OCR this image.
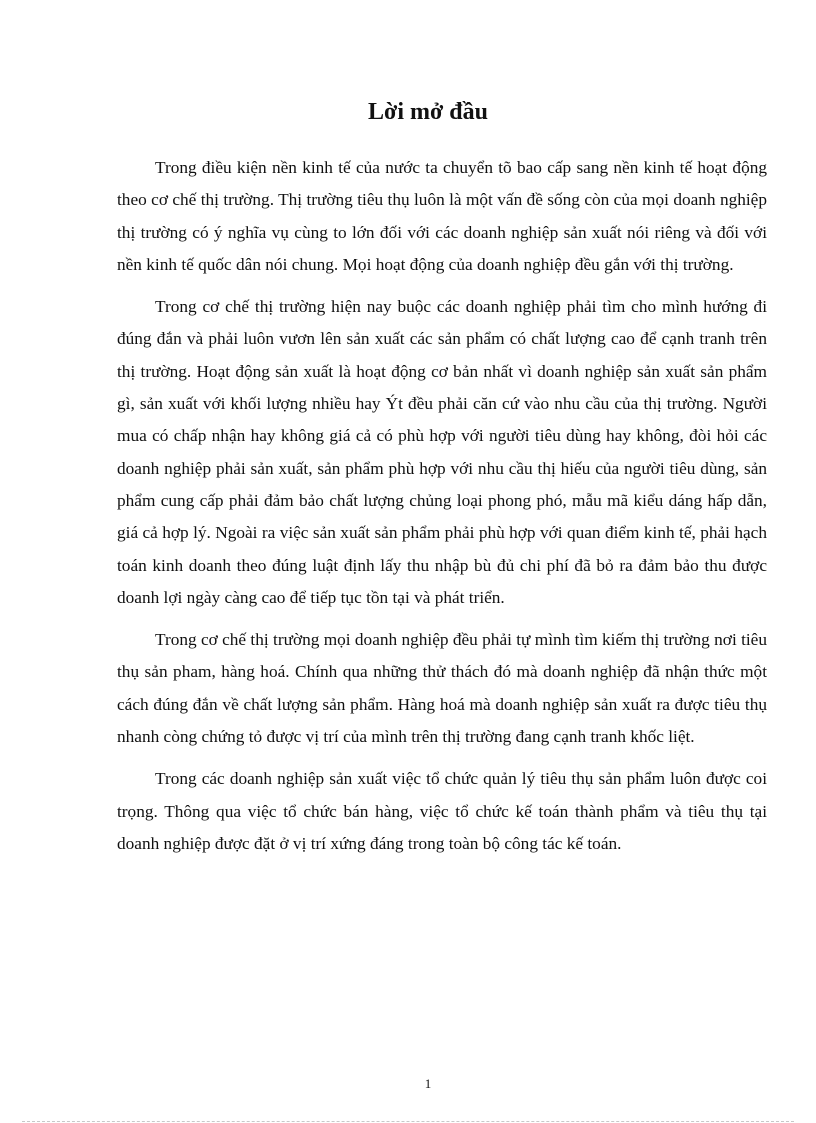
Lời mở đầu

Trong điều kiện nền kinh tế của nước ta chuyển tõ bao cấp sang nền kinh tế hoạt động theo cơ chế thị trường. Thị trường tiêu thụ luôn là một vấn đề sống còn của mọi doanh nghiệp thị trường có ý nghĩa vụ cùng to lớn đối với các doanh nghiệp sản xuất nói riêng và đối với nền kinh tế quốc dân nói chung. Mọi hoạt động của doanh nghiệp đều gắn với thị trường.

Trong cơ chế thị trường hiện nay buộc các doanh nghiệp phải tìm cho mình hướng đi đúng đắn và phải luôn vươn lên sản xuất các sản phẩm có chất lượng cao để cạnh tranh trên thị trường. Hoạt động sản xuất là hoạt động cơ bản nhất vì doanh nghiệp sản xuất sản phẩm gì, sản xuất với khối lượng nhiều hay Ýt đều phải căn cứ vào nhu cầu của thị trường. Người mua có chấp nhận hay không giá cả có phù hợp với người tiêu dùng hay không, đòi hỏi các doanh nghiệp phải sản xuất, sản phẩm phù hợp với nhu cầu thị hiếu của người tiêu dùng, sản phẩm cung cấp phải đảm bảo chất lượng chủng loại phong phó, mẫu mã kiểu dáng hấp dẫn, giá cả hợp lý. Ngoài ra việc sản xuất sản phẩm phải phù hợp với quan điểm kinh tế, phải hạch toán kinh doanh theo đúng luật định lấy thu nhập bù đủ chi phí đã bỏ ra đảm bảo thu được doanh lợi ngày càng cao để tiếp tục tồn tại và phát triển.

Trong cơ chế thị trường mọi doanh nghiệp đều phải tự mình tìm kiếm thị trường nơi tiêu thụ sản pham, hàng hoá. Chính qua những thử thách đó mà doanh nghiệp đã nhận thức một cách đúng đắn về chất lượng sản phẩm. Hàng hoá mà doanh nghiệp sản xuất ra được tiêu thụ nhanh còng chứng tỏ được vị trí của mình trên thị trường đang cạnh tranh khốc liệt.

Trong các doanh nghiệp sản xuất việc tổ chức quản lý tiêu thụ sản phẩm luôn được coi trọng. Thông qua việc tổ chức bán hàng, việc tổ chức kế toán thành phẩm và tiêu thụ tại doanh nghiệp được đặt ở vị trí xứng đáng trong toàn bộ công tác kế toán.

1
